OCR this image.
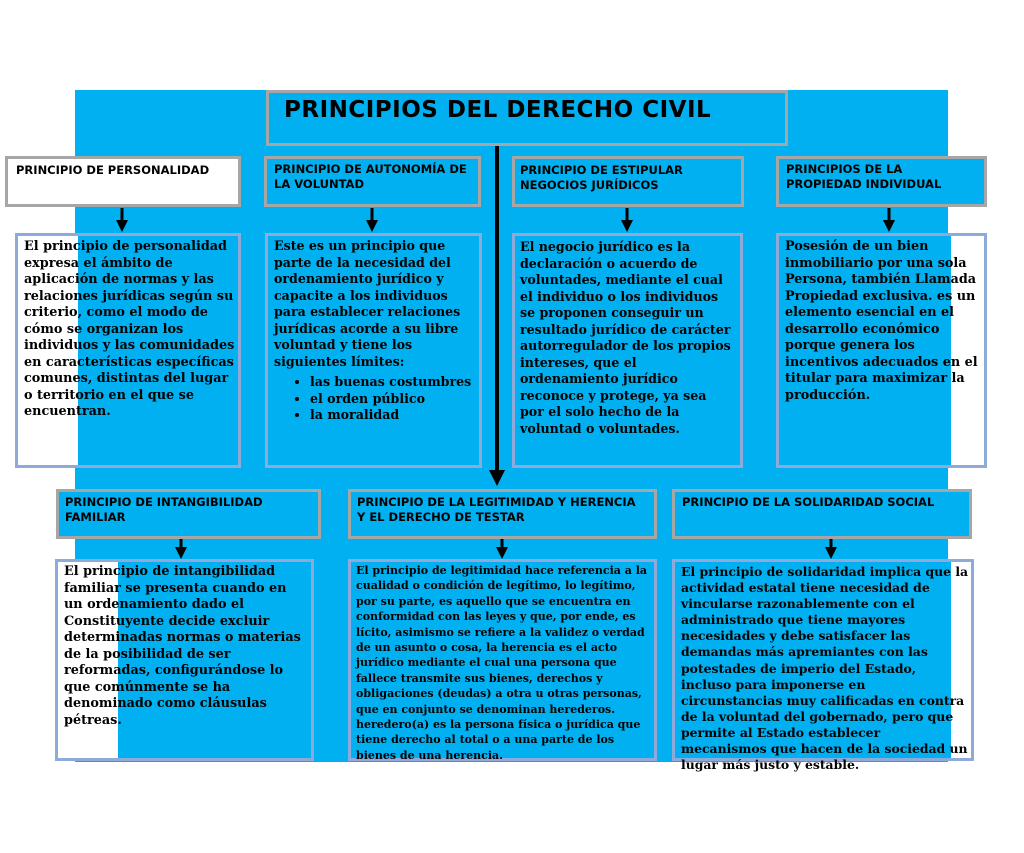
PRINCIPIOS DEL DERECHO CIVIL
PRINCIPIO DE PERSONALIDAD	PRINCIPIO DE AUTONOMÍA DE LA VOLUNTAD
PRINCIPIO DE ESTIPULAR NEGOCIOS JURÍDICOS
PRINCIPIOS DE LA PROPIEDAD INDIVIDUAL
El principio de personalidad expresa el ámbito de aplicación de normas y las relaciones jurídicas según su criterio, como el modo de cómo se organizan los individuos y las comunidades en características específicas comunes, distintas del lugar o territorio en el que se encuentran.
Este es un principio que parte de la necesidad del ordenamiento jurídico y capacite a los individuos para establecer relaciones jurídicas acorde a su libre voluntad y tiene los siguientes límites:
• las buenas costumbres
• el orden público
• la moralidad
El negocio jurídico es la declaración o acuerdo de voluntades, mediante el cual el individuo o los individuos se proponen conseguir un resultado jurídico de carácter autorregulador de los propios intereses, que el ordenamiento jurídico reconoce y protege, ya sea por el solo hecho de la voluntad o voluntades.
Posesión de un bien inmobiliario por una sola Persona, también Llamada Propiedad exclusiva. es un elemento esencial en el desarrollo económico porque genera los incentivos adecuados en el titular para maximizar la producción.
PRINCIPIO DE INTANGIBILIDAD FAMILIAR
PRINCIPIO DE LA LEGITIMIDAD Y HERENCIA Y EL DERECHO DE TESTAR
PRINCIPIO DE LA SOLIDARIDAD SOCIAL
El principio de intangibilidad familiar se presenta cuando en un ordenamiento dado el Constituyente decide excluir determinadas normas o materias de la posibilidad de ser reformadas, configurándose lo que comúnmente se ha denominado como cláusulas pétreas.
El principio de legitimidad hace referencia a la cualidad o condición de legítimo, lo legítimo, por su parte, es aquello que se encuentra en conformidad con las leyes y que, por ende, es lícito, asimismo se refiere a la validez o verdad de un asunto o cosa, la herencia es el acto jurídico mediante el cual una persona que fallece transmite sus bienes, derechos y obligaciones (deudas) a otra u otras personas, que en conjunto se denominan herederos. heredero(a) es la persona física o jurídica que tiene derecho al total o a una parte de los bienes de una herencia.
El principio de solidaridad implica que la actividad estatal tiene necesidad de vincularse razonablemente con el administrado que tiene mayores necesidades y debe satisfacer las demandas más apremiantes con las potestades de imperio del Estado, incluso para imponerse en circunstancias muy calificadas en contra de la voluntad del gobernado, pero que permite al Estado establecer mecanismos que hacen de la sociedad un lugar más justo y estable.
